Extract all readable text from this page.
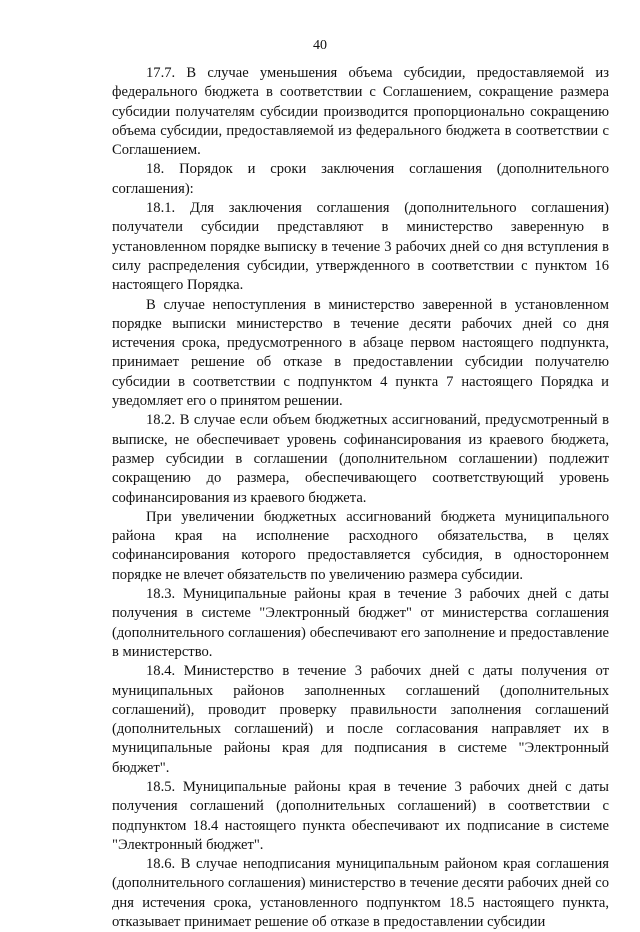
40

17.7. В случае уменьшения объема субсидии, предоставляемой из федерального бюджета в соответствии с Соглашением, сокращение размера субсидии получателям субсидии производится пропорционально сокращению объема субсидии, предоставляемой из федерального бюджета в соответствии с Соглашением.

18. Порядок и сроки заключения соглашения (дополнительного соглашения):

18.1. Для заключения соглашения (дополнительного соглашения) получатели субсидии представляют в министерство заверенную в установленном порядке выписку в течение 3 рабочих дней со дня вступления в силу распределения субсидии, утвержденного в соответствии с пунктом 16 настоящего Порядка.

В случае непоступления в министерство заверенной в установленном порядке выписки министерство в течение десяти рабочих дней со дня истечения срока, предусмотренного в абзаце первом настоящего подпункта, принимает решение об отказе в предоставлении субсидии получателю субсидии в соответствии с подпунктом 4 пункта 7 настоящего Порядка и уведомляет его о принятом решении.

18.2. В случае если объем бюджетных ассигнований, предусмотренный в выписке, не обеспечивает уровень софинансирования из краевого бюджета, размер субсидии в соглашении (дополнительном соглашении) подлежит сокращению до размера, обеспечивающего соответствующий уровень софинансирования из краевого бюджета.

При увеличении бюджетных ассигнований бюджета муниципального района края на исполнение расходного обязательства, в целях софинансирования которого предоставляется субсидия, в одностороннем порядке не влечет обязательств по увеличению размера субсидии.

18.3. Муниципальные районы края в течение 3 рабочих дней с даты получения в системе "Электронный бюджет" от министерства соглашения (дополнительного соглашения) обеспечивают его заполнение и предоставление в министерство.

18.4. Министерство в течение 3 рабочих дней с даты получения от муниципальных районов заполненных соглашений (дополнительных соглашений), проводит проверку правильности заполнения соглашений (дополнительных соглашений) и после согласования направляет их в муниципальные районы края для подписания в системе "Электронный бюджет".

18.5. Муниципальные районы края в течение 3 рабочих дней с даты получения соглашений (дополнительных соглашений) в соответствии с подпунктом 18.4 настоящего пункта обеспечивают их подписание в системе "Электронный бюджет".

18.6. В случае неподписания муниципальным районом края соглашения (дополнительного соглашения) министерство в течение десяти рабочих дней со дня истечения срока, установленного подпунктом 18.5 настоящего пункта, отказывает принимает решение об отказе в предоставлении субсидии
